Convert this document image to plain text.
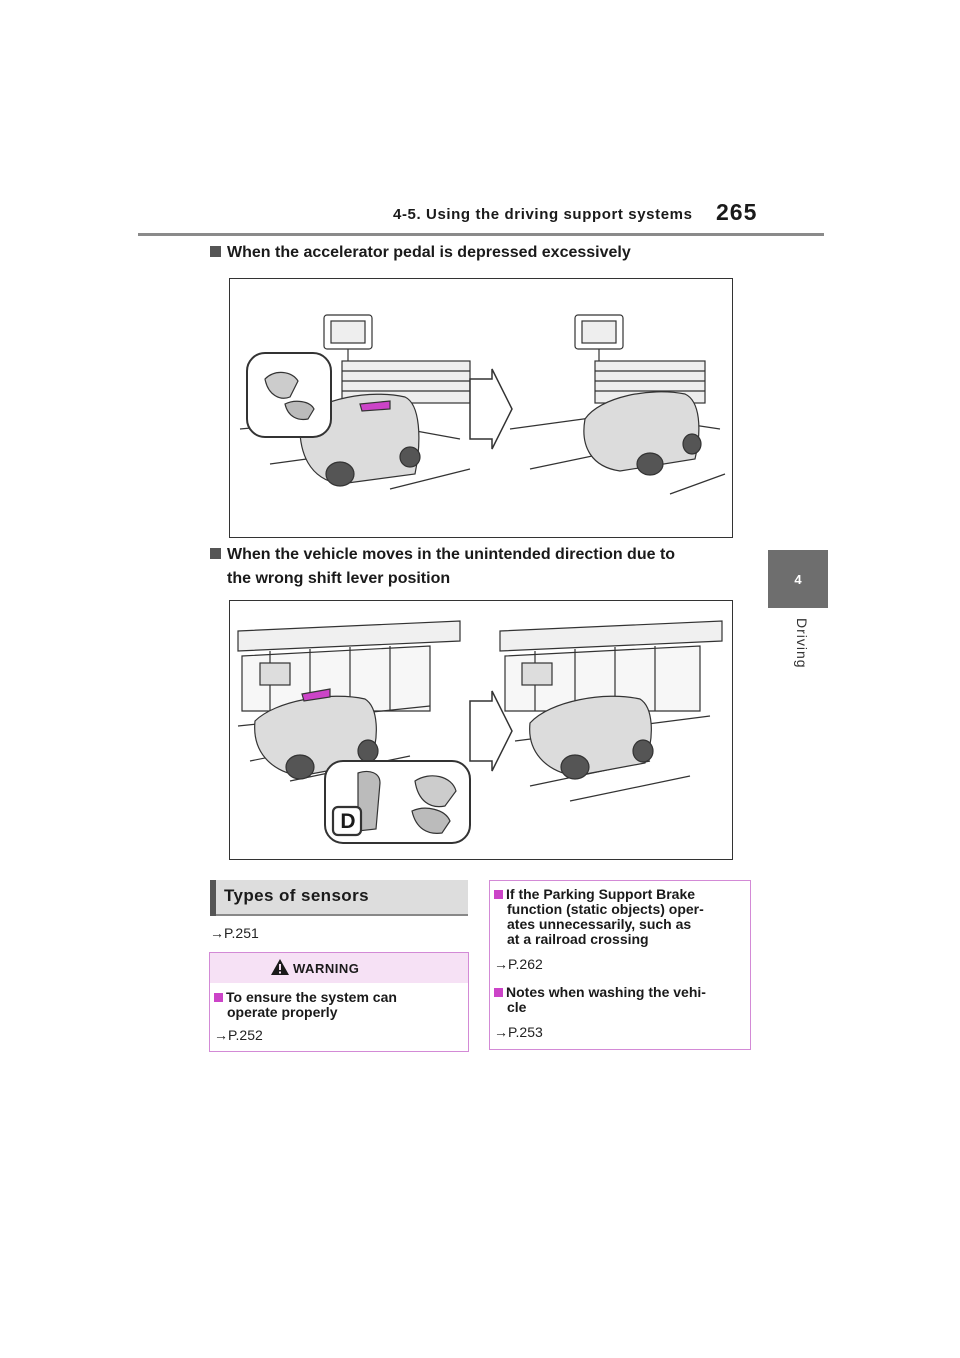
4-5. Using the driving support systems 265
4
Driving
When the accelerator pedal is depressed excessively
When the vehicle moves in the unintended direction due to
the wrong shift lever position
D
Types of sensors
→P.251
WARNING
To ensure the system can
operate properly
→P.252
If the Parking Support Brake
function (static objects) oper-
ates unnecessarily, such as
at a railroad crossing
→P.262
Notes when washing the vehi-
cle
→P.253
